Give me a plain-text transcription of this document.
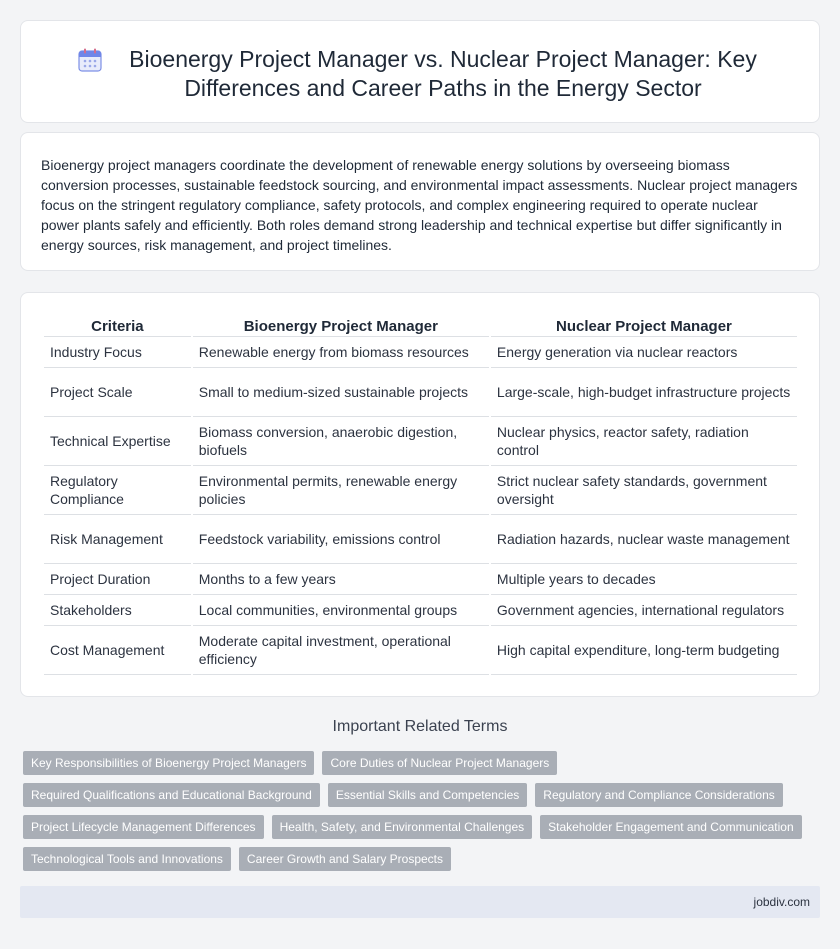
Bioenergy Project Manager vs. Nuclear Project Manager: Key Differences and Career Paths in the Energy Sector

Bioenergy project managers coordinate the development of renewable energy solutions by overseeing biomass conversion processes, sustainable feedstock sourcing, and environmental impact assessments. Nuclear project managers focus on the stringent regulatory compliance, safety protocols, and complex engineering required to operate nuclear power plants safely and efficiently. Both roles demand strong leadership and technical expertise but differ significantly in energy sources, risk management, and project timelines.

Criteria	Bioenergy Project Manager	Nuclear Project Manager
Industry Focus	Renewable energy from biomass resources	Energy generation via nuclear reactors
Project Scale	Small to medium-sized sustainable projects	Large-scale, high-budget infrastructure projects
Technical Expertise	Biomass conversion, anaerobic digestion, biofuels	Nuclear physics, reactor safety, radiation control
Regulatory Compliance	Environmental permits, renewable energy policies	Strict nuclear safety standards, government oversight
Risk Management	Feedstock variability, emissions control	Radiation hazards, nuclear waste management
Project Duration	Months to a few years	Multiple years to decades
Stakeholders	Local communities, environmental groups	Government agencies, international regulators
Cost Management	Moderate capital investment, operational efficiency	High capital expenditure, long-term budgeting
Important Related Terms
Key Responsibilities of Bioenergy Project Managers	Core Duties of Nuclear Project Managers
Required Qualifications and Educational Background	Essential Skills and Competencies	Regulatory and Compliance Considerations
Project Lifecycle Management Differences	Health, Safety, and Environmental Challenges	Stakeholder Engagement and Communication
Technological Tools and Innovations	Career Growth and Salary Prospects
jobdiv.com
